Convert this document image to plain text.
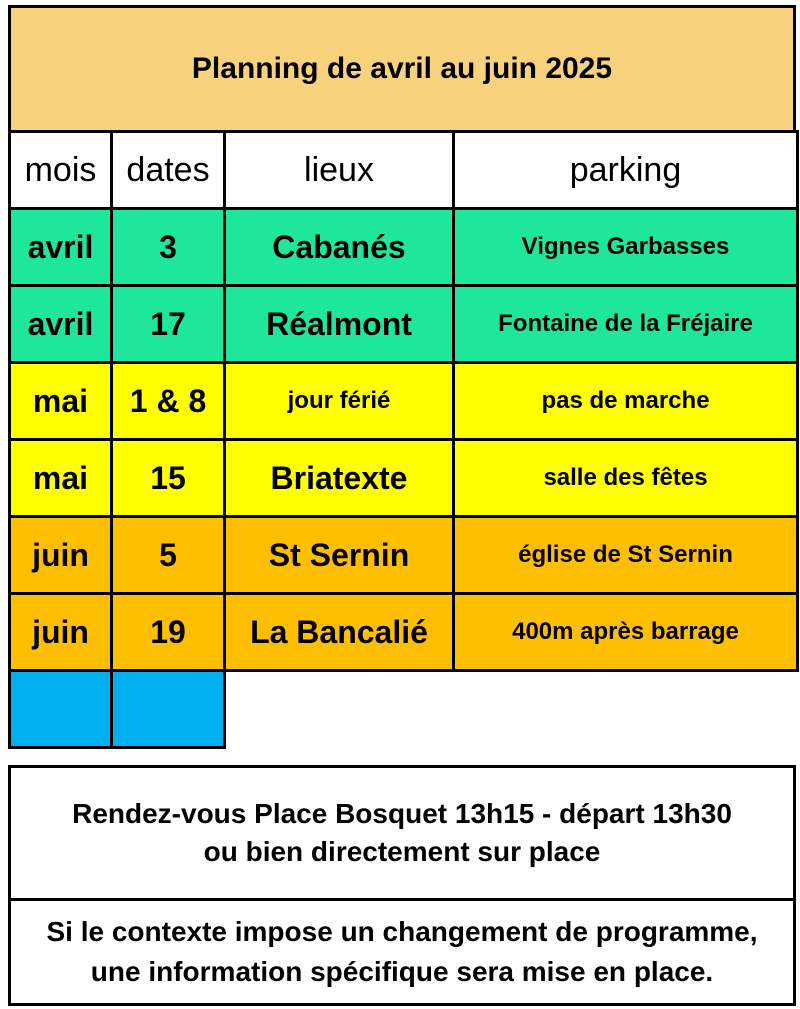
Planning de avril au juin 2025
mois	dates	lieux	parking
avril	3	Cabanés	Vignes Garbasses
avril	17	Réalmont	Fontaine de la Fréjaire
mai	1 & 8	jour férié	pas de marche
mai	15	Briatexte	salle des fêtes
juin	5	St Sernin	église de St Sernin
juin	19	La Bancalié	400m après barrage

Rendez-vous Place Bosquet 13h15 - départ 13h30
ou bien directement sur place
Si le contexte impose un changement de programme,
une information spécifique sera mise en place.
